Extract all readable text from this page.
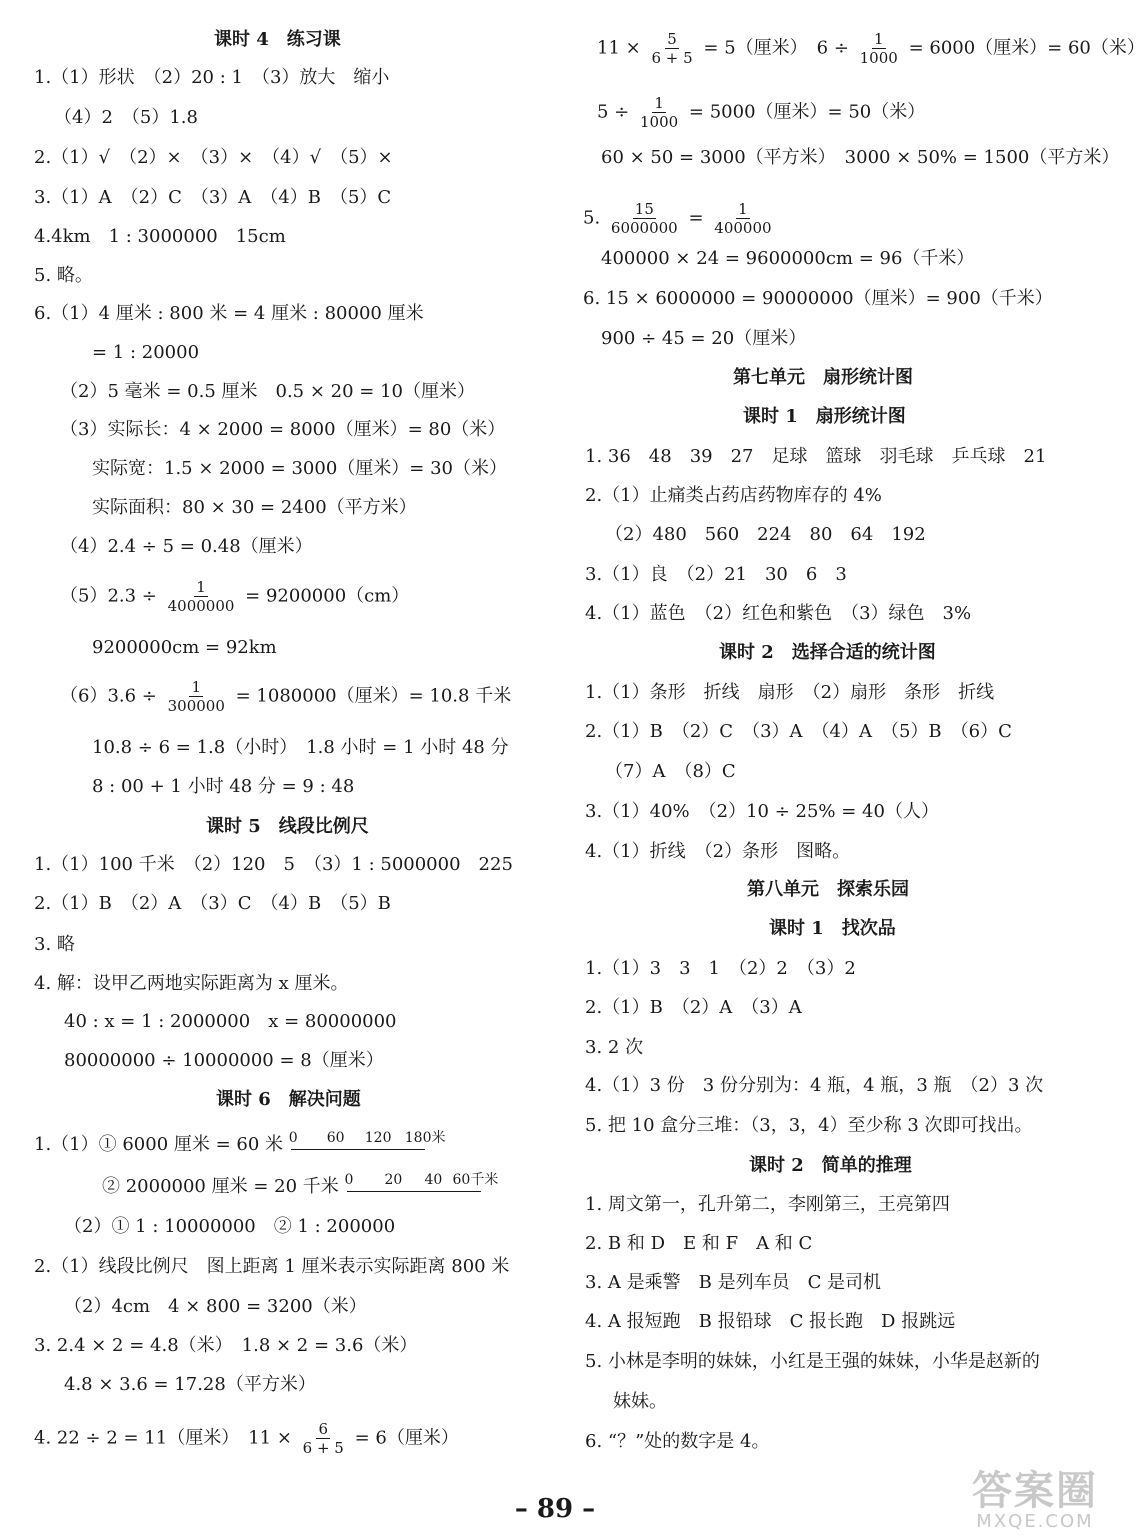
课时 4　练习课
1.（1）形状　（2）20 : 1　（3）放大　缩小
（4）2　（5）1.8
2.（1）√　（2）×　（3）×　（4）√　（5）×
3.（1）A　（2）C　（3）A　（4）B　（5）C
4.4km　1 : 3000000　15cm
5. 略。
6.（1）4 厘米 : 800 米 = 4 厘米 : 80000 厘米
= 1 : 20000
（2）5 毫米 = 0.5 厘米　0.5 × 20 = 10（厘米）
（3）实际长：4 × 2000 = 8000（厘米）= 80（米）
实际宽：1.5 × 2000 = 3000（厘米）= 30（米）
实际面积：80 × 30 = 2400（平方米）
（4）2.4 ÷ 5 = 0.48（厘米）
$(5)2.3 \div \frac{1}{4000000} = 9200000(cm)$
9200000cm = 92km
$(6)3.6 \div \frac{1}{300000} = 1080000$（厘米）= 10.8 千米
10.8 ÷ 6 = 1.8（小时）　1.8 小时 = 1 小时 48 分
8 : 00 + 1 小时 48 分 = 9 : 48
课时 5　线段比例尺
1.（1）100 千米　（2）120　5　（3）1 : 5000000　225
2.（1）B　（2）A　（3）C　（4）B　（5）B
3. 略
4. 解：设甲乙两地实际距离为 x 厘米。
40 : x = 1 : 2000000　x = 80000000
80000000 ÷ 10000000 = 8（厘米）
课时 6　解决问题
1.（1）① 6000 厘米 = 60 米 0 60 120 180米
② 2000000 厘米 = 20 千米 0 20 40 60千米
（2）① 1 : 10000000　② 1 : 200000
2.（1）线段比例尺　图上距离 1 厘米表示实际距离 800 米
（2）4cm　4 × 800 = 3200（米）
3. 2.4 × 2 = 4.8（米）　1.8 × 2 = 3.6（米）
4.8 × 3.6 = 17.28（平方米）
4. 22 ÷ 2 = 11（厘米）　$11 \times \frac{6}{6 + 5} = 6$（厘米）
$11 \times \frac{5}{6 + 5} = 5$（厘米）　$6 \div \frac{1}{1000} = 6000$（厘米）= 60（米）
$5 \div \frac{1}{1000} = 5000$（厘米）= 50（米）
60 × 50 = 3000（平方米）　3000 × 50% = 1500（平方米）
5. $\frac{15}{6000000} = \frac{1}{400000}$
400000 × 24 = 9600000cm = 96（千米）
6. 15 × 6000000 = 90000000（厘米）= 900（千米）
900 ÷ 45 = 20（厘米）
第七单元　扇形统计图
课时 1　扇形统计图
1. 36　48　39　27　足球　篮球　羽毛球　乒乓球　21
2.（1）止痛类占药店药物库存的 4%
（2）480　560　224　80　64　192
3.（1）良　（2）21　30　6　3
4.（1）蓝色　（2）红色和紫色　（3）绿色　3%
课时 2　选择合适的统计图
1.（1）条形　折线　扇形　（2）扇形　条形　折线
2.（1）B　（2）C　（3）A　（4）A　（5）B　（6）C
（7）A　（8）C
3.（1）40%　（2）10 ÷ 25% = 40（人）
4.（1）折线　（2）条形　图略。
第八单元　探索乐园
课时 1　找次品
1.（1）3　3　1　（2）2　（3）2
2.（1）B　（2）A　（3）A
3. 2 次
4.（1）3 份　3 份分别为：4 瓶，4 瓶，3 瓶　（2）3 次
5. 把 10 盒分三堆：（3，3，4）至少称 3 次即可找出。
课时 2　简单的推理
1. 周文第一，孔升第二，李刚第三，王亮第四
2. B 和 D　E 和 F　A 和 C
3. A 是乘警　B 是列车员　C 是司机
4. A 报短跑　B 报铅球　C 报长跑　D 报跳远
5. 小林是李明的妹妹，小红是王强的妹妹，小华是赵新的
妹妹。
6. “？”处的数字是 4。
– 89 –	答案圈
MXQE.COM
